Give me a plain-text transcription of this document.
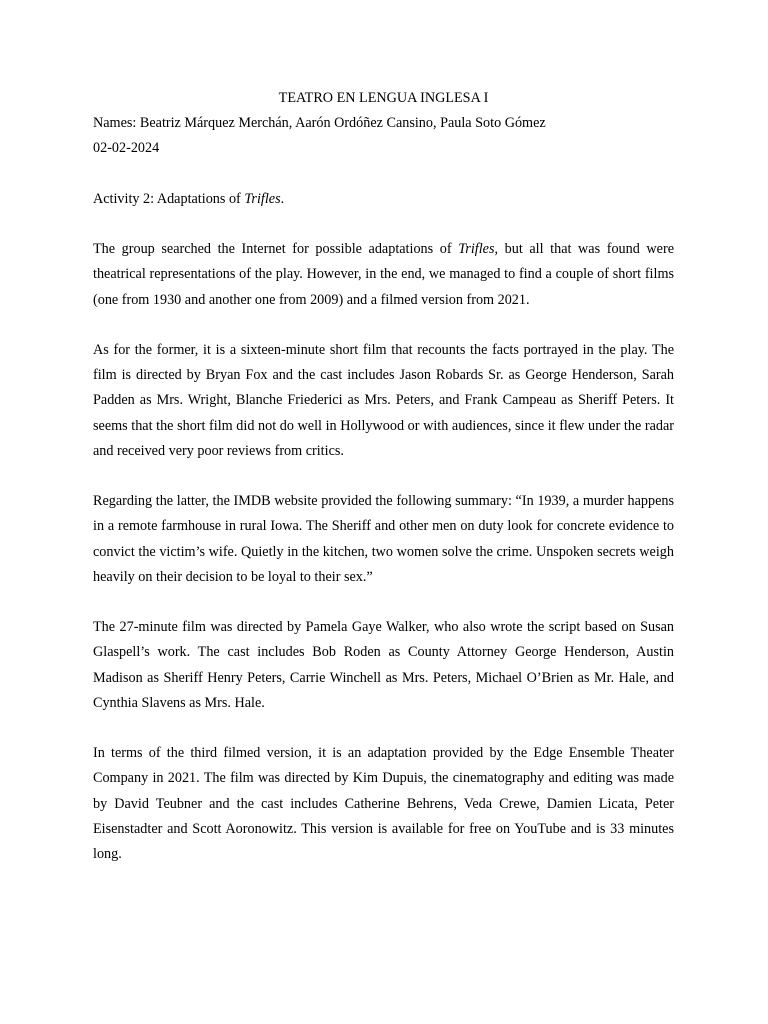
TEATRO EN LENGUA INGLESA I

Names: Beatriz Márquez Merchán, Aarón Ordóñez Cansino, Paula Soto Gómez

02-02-2024

Activity 2: Adaptations of Trifles.

The group searched the Internet for possible adaptations of Trifles, but all that was found were theatrical representations of the play. However, in the end, we managed to find a couple of short films (one from 1930 and another one from 2009) and a filmed version from 2021.

As for the former, it is a sixteen-minute short film that recounts the facts portrayed in the play. The film is directed by Bryan Fox and the cast includes Jason Robards Sr. as George Henderson, Sarah Padden as Mrs. Wright, Blanche Friederici as Mrs. Peters, and Frank Campeau as Sheriff Peters. It seems that the short film did not do well in Hollywood or with audiences, since it flew under the radar and received very poor reviews from critics.

Regarding the latter, the IMDB website provided the following summary: “In 1939, a murder happens in a remote farmhouse in rural Iowa. The Sheriff and other men on duty look for concrete evidence to convict the victim’s wife. Quietly in the kitchen, two women solve the crime. Unspoken secrets weigh heavily on their decision to be loyal to their sex.”

The 27-minute film was directed by Pamela Gaye Walker, who also wrote the script based on Susan Glaspell’s work. The cast includes Bob Roden as County Attorney George Henderson, Austin Madison as Sheriff Henry Peters, Carrie Winchell as Mrs. Peters, Michael O’Brien as Mr. Hale, and Cynthia Slavens as Mrs. Hale.

In terms of the third filmed version, it is an adaptation provided by the Edge Ensemble Theater Company in 2021. The film was directed by Kim Dupuis, the cinematography and editing was made by David Teubner and the cast includes Catherine Behrens, Veda Crewe, Damien Licata, Peter Eisenstadter and Scott Aoronowitz. This version is available for free on YouTube and is 33 minutes long.
